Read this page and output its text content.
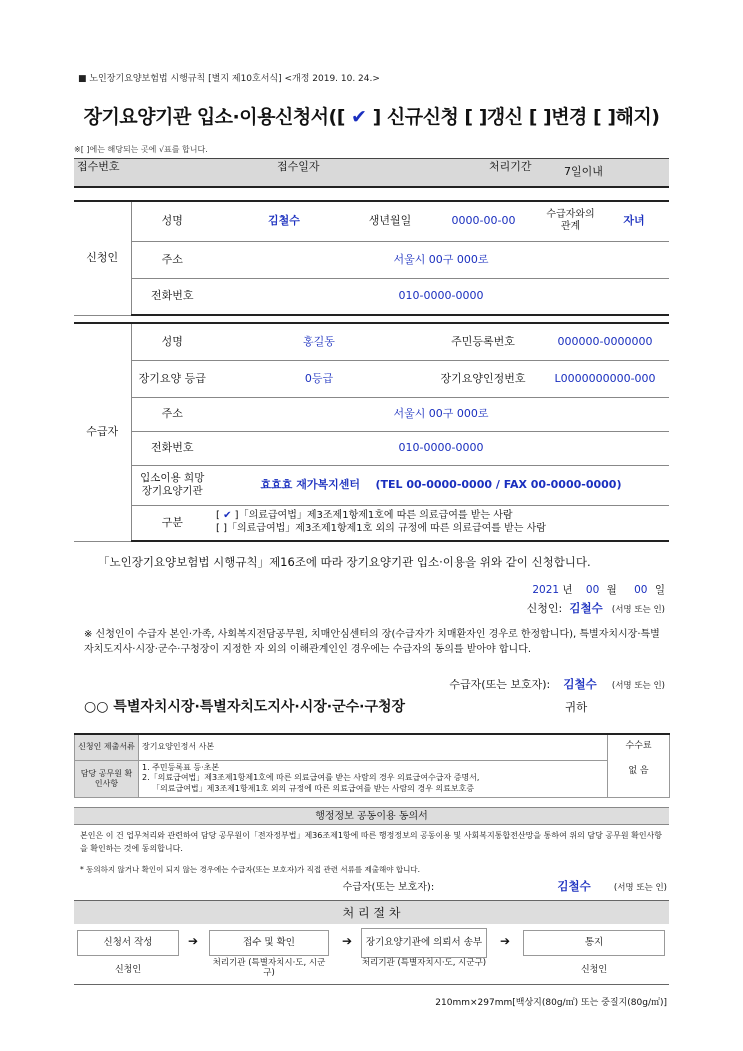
■ 노인장기요양보험법 시행규칙 [별지 제10호서식] <개정 2019. 10. 24.>
장기요양기관 입소·이용신청서([ ✔ ] 신규신청 [ ]갱신 [ ]변경 [ ]해지)
※[ ]에는 해당되는 곳에 √표를 합니다.
접수번호	접수일자	처리기간	7일이내
신청인	성명	김철수	생년월일	0000-00-00	수급자와의 관계	자녀
	주소	서울시 00구 000로				
	전화번호	010-0000-0000				
수급자	성명	홍길동	주민등록번호	000000-0000000
	장기요양 등급	0등급	장기요양인정번호	L0000000000-000
	주소	서울시 00구 000로		
	전화번호	010-0000-0000		
	입소이용 희망 장기요양기관	효효효 재가복지센터 (TEL 00-0000-0000 / FAX 00-0000-0000)		
	구분	[ ✔ ]「의료급여법」제3조제1항제1호에 따른 의료급여를 받는 사람
[ ]「의료급여법」제3조제1항제1호 외의 규정에 따른 의료급여를 받는 사람		
「노인장기요양보험법 시행규칙」제16조에 따라 장기요양기관 입소·이용을 위와 같이 신청합니다.
2021 년 00 월 00 일
신청인: 김철수 (서명 또는 인)
※ 신청인이 수급자 본인·가족, 사회복지전담공무원, 치매안심센터의 장(수급자가 치매환자인 경우로 한정합니다), 특별자치시장·특별자치도지사·시장·군수·구청장이 지정한 자 외의 이해관계인인 경우에는 수급자의 동의를 받아야 합니다.
수급자(또는 보호자): 김철수 (서명 또는 인)
○○ 특별자치시장·특별자치도지사·시장·군수·구청장	귀하
신청인 제출서류	장기요양인정서 사본	수수료
없 음

담당 공무원 확인사항	1. 주민등록표 등·초본
2.「의료급여법」제3조제1항제1호에 따른 의료급여를 받는 사람의 경우 의료급여수급자 증명서,
「의료급여법」제3조제1항제1호 외의 규정에 따른 의료급여를 받는 사람의 경우 의료보호증	
행정정보 공동이용 동의서
본인은 이 건 업무처리와 관련하여 담당 공무원이「전자정부법」제36조제1항에 따른 행정정보의 공동이용 및 사회복지통합전산망을 통하여 위의 담당 공무원 확인사항을 확인하는 것에 동의합니다.
* 동의하지 않거나 확인이 되지 않는 경우에는 수급자(또는 보호자)가 직접 관련 서류를 제출해야 합니다.
수급자(또는 보호자):	김철수	(서명 또는 인)
처 리 절 차
신청서 작성	➔	접수 및 확인	➔	장기요양기관에 의뢰서 송부	➔	통지
신청인
처리기관 (특별자치시·도, 시군구)
처리기관 (특별자치시·도, 시군구)
신청인
210mm×297mm[백상지(80g/㎡) 또는 중질지(80g/㎡)]
